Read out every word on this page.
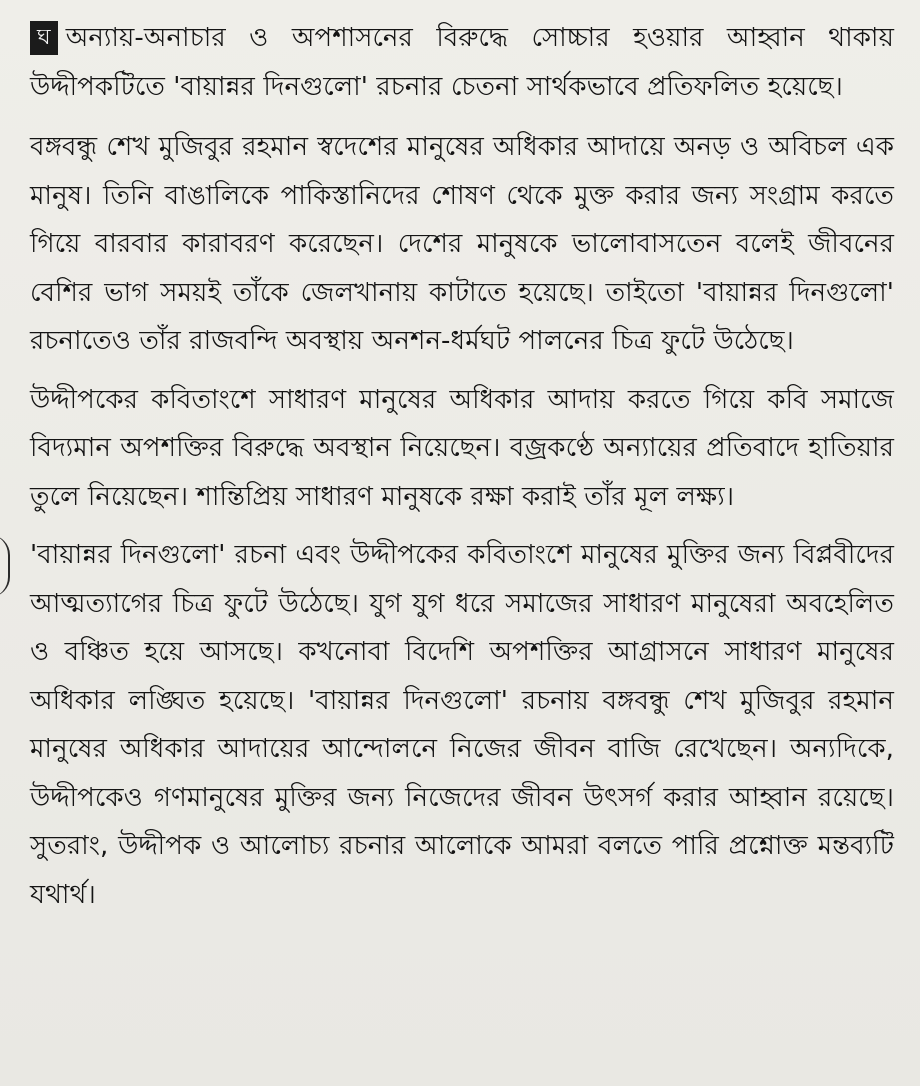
ঘ অন্যায়-অনাচার ও অপশাসনের বিরুদ্ধে সোচ্চার হওয়ার আহ্বান থাকায় উদ্দীপকটিতে 'বায়ান্নর দিনগুলো' রচনার চেতনা সার্থকভাবে প্রতিফলিত হয়েছে।

বঙ্গবন্ধু শেখ মুজিবুর রহমান স্বদেশের মানুষের অধিকার আদায়ে অনড় ও অবিচল এক মানুষ। তিনি বাঙালিকে পাকিস্তানিদের শোষণ থেকে মুক্ত করার জন্য সংগ্রাম করতে গিয়ে বারবার কারাবরণ করেছেন। দেশের মানুষকে ভালোবাসতেন বলেই জীবনের বেশির ভাগ সময়ই তাঁকে জেলখানায় কাটাতে হয়েছে। তাইতো 'বায়ান্নর দিনগুলো' রচনাতেও তাঁর রাজবন্দি অবস্থায় অনশন-ধর্মঘট পালনের চিত্র ফুটে উঠেছে।

উদ্দীপকের কবিতাংশে সাধারণ মানুষের অধিকার আদায় করতে গিয়ে কবি সমাজে বিদ্যমান অপশক্তির বিরুদ্ধে অবস্থান নিয়েছেন। বজ্রকণ্ঠে অন্যায়ের প্রতিবাদে হাতিয়ার তুলে নিয়েছেন। শান্তিপ্রিয় সাধারণ মানুষকে রক্ষা করাই তাঁর মূল লক্ষ্য।

'বায়ান্নর দিনগুলো' রচনা এবং উদ্দীপকের কবিতাংশে মানুষের মুক্তির জন্য বিপ্লবীদের আত্মত্যাগের চিত্র ফুটে উঠেছে। যুগ যুগ ধরে সমাজের সাধারণ মানুষেরা অবহেলিত ও বঞ্চিত হয়ে আসছে। কখনোবা বিদেশি অপশক্তির আগ্রাসনে সাধারণ মানুষের অধিকার লঙ্ঘিত হয়েছে। 'বায়ান্নর দিনগুলো' রচনায় বঙ্গবন্ধু শেখ মুজিবুর রহমান মানুষের অধিকার আদায়ের আন্দোলনে নিজের জীবন বাজি রেখেছেন। অন্যদিকে, উদ্দীপকেও গণমানুষের মুক্তির জন্য নিজেদের জীবন উৎসর্গ করার আহ্বান রয়েছে। সুতরাং, উদ্দীপক ও আলোচ্য রচনার আলোকে আমরা বলতে পারি প্রশ্নোক্ত মন্তব্যটি যথার্থ।
